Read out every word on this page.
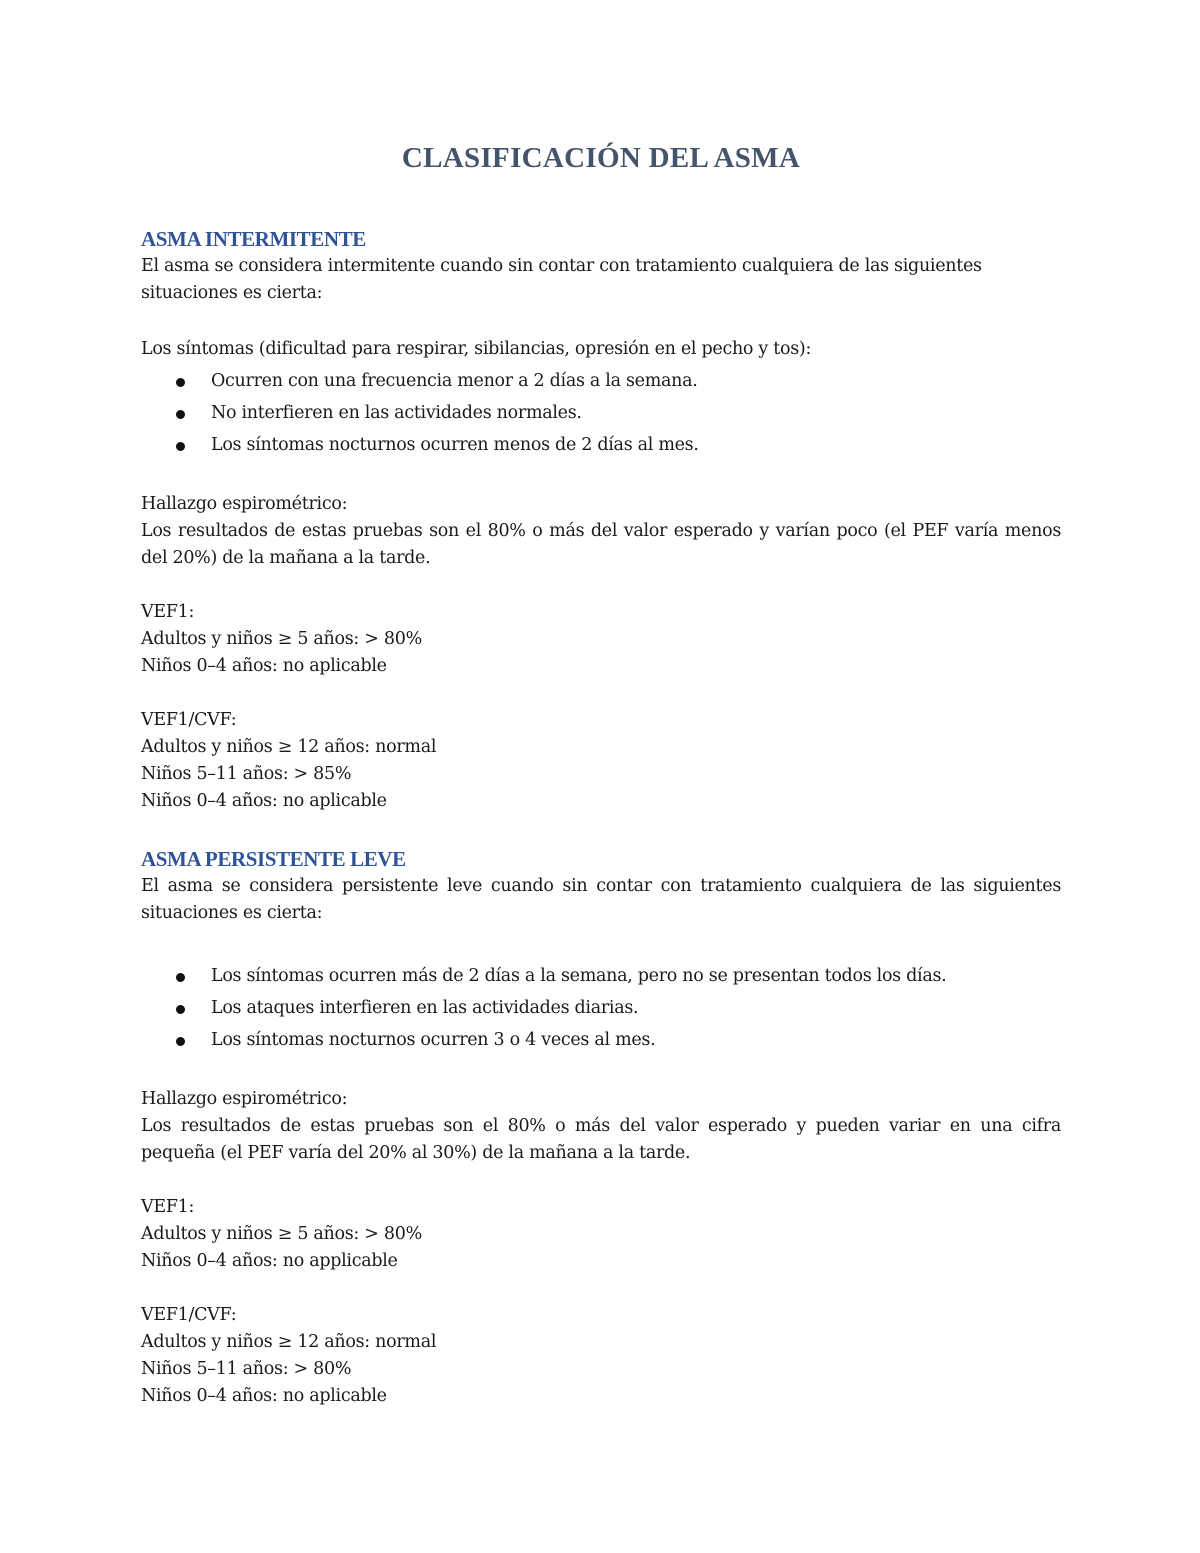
CLASIFICACIÓN DEL ASMA
ASMA INTERMITENTE

El asma se considera intermitente cuando sin contar con tratamiento cualquiera de las siguientes situaciones es cierta:

Los síntomas (dificultad para respirar, sibilancias, opresión en el pecho y tos):

Ocurren con una frecuencia menor a 2 días a la semana.
No interfieren en las actividades normales.
Los síntomas nocturnos ocurren menos de 2 días al mes.

Hallazgo espirométrico:

Los resultados de estas pruebas son el 80% o más del valor esperado y varían poco (el PEF varía menos del 20%) de la mañana a la tarde.

VEF1:

Adultos y niños ≥ 5 años: > 80%

Niños 0–4 años: no aplicable

VEF1/CVF:

Adultos y niños ≥ 12 años: normal

Niños 5–11 años: > 85%

Niños 0–4 años: no aplicable

ASMA PERSISTENTE LEVE

El asma se considera persistente leve cuando sin contar con tratamiento cualquiera de las siguientes situaciones es cierta:

Los síntomas ocurren más de 2 días a la semana, pero no se presentan todos los días.
Los ataques interfieren en las actividades diarias.
Los síntomas nocturnos ocurren 3 o 4 veces al mes.

Hallazgo espirométrico:

Los resultados de estas pruebas son el 80% o más del valor esperado y pueden variar en una cifra pequeña (el PEF varía del 20% al 30%) de la mañana a la tarde.

VEF1:

Adultos y niños ≥ 5 años: > 80%

Niños 0–4 años: no applicable

VEF1/CVF:

Adultos y niños ≥ 12 años: normal

Niños 5–11 años: > 80%

Niños 0–4 años: no aplicable
